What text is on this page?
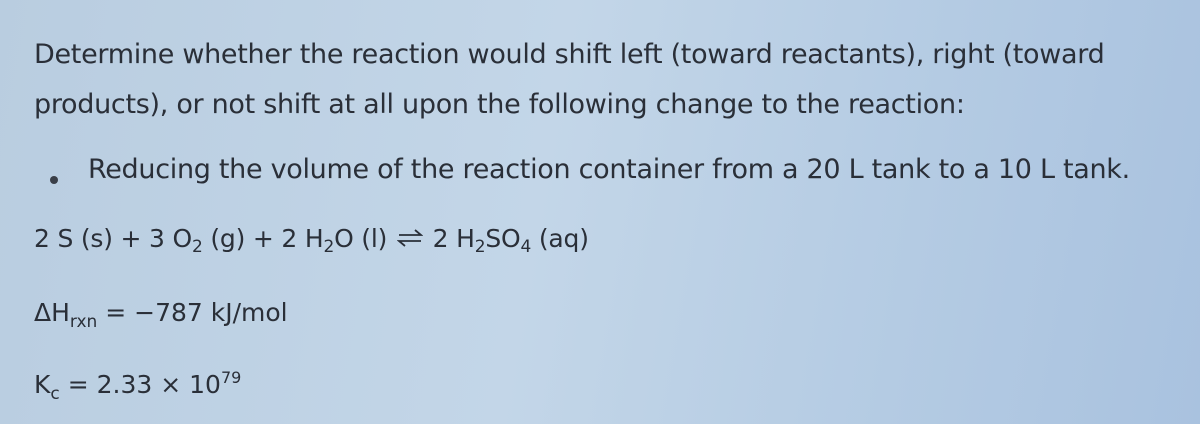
Determine whether the reaction would shift left (toward reactants), right (toward
products), or not shift at all upon the following change to the reaction:

Reducing the volume of the reaction container from a 20 L tank to a 10 L tank.

2 S (s) + 3 $O_2$ (g) + 2 $H_2O$ (l) ⇌ 2 $H_2SO_4$ (aq)

$\Delta H_{rxn} = -787$ kJ/mol

$K_c = 2.33 \times 10^{79}$
